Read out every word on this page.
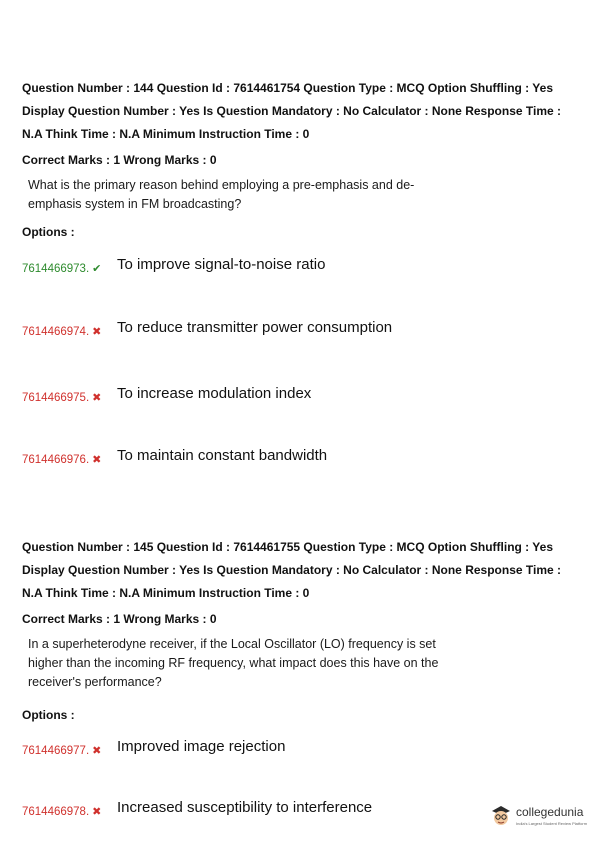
Question Number : 144 Question Id : 7614461754 Question Type : MCQ Option Shuffling : Yes Display Question Number : Yes Is Question Mandatory : No Calculator : None Response Time : N.A Think Time : N.A Minimum Instruction Time : 0
Correct Marks : 1 Wrong Marks : 0
What is the primary reason behind employing a pre-emphasis and de-emphasis system in FM broadcasting?
Options :
7614466973. ✔ To improve signal-to-noise ratio
7614466974. ✖ To reduce transmitter power consumption
7614466975. ✖ To increase modulation index
7614466976. ✖ To maintain constant bandwidth
Question Number : 145 Question Id : 7614461755 Question Type : MCQ Option Shuffling : Yes Display Question Number : Yes Is Question Mandatory : No Calculator : None Response Time : N.A Think Time : N.A Minimum Instruction Time : 0
Correct Marks : 1 Wrong Marks : 0
In a superheterodyne receiver, if the Local Oscillator (LO) frequency is set higher than the incoming RF frequency, what impact does this have on the receiver's performance?
Options :
7614466977. ✖ Improved image rejection
7614466978. ✖ Increased susceptibility to interference	collegedunia
India's Largest Student Review Platform
